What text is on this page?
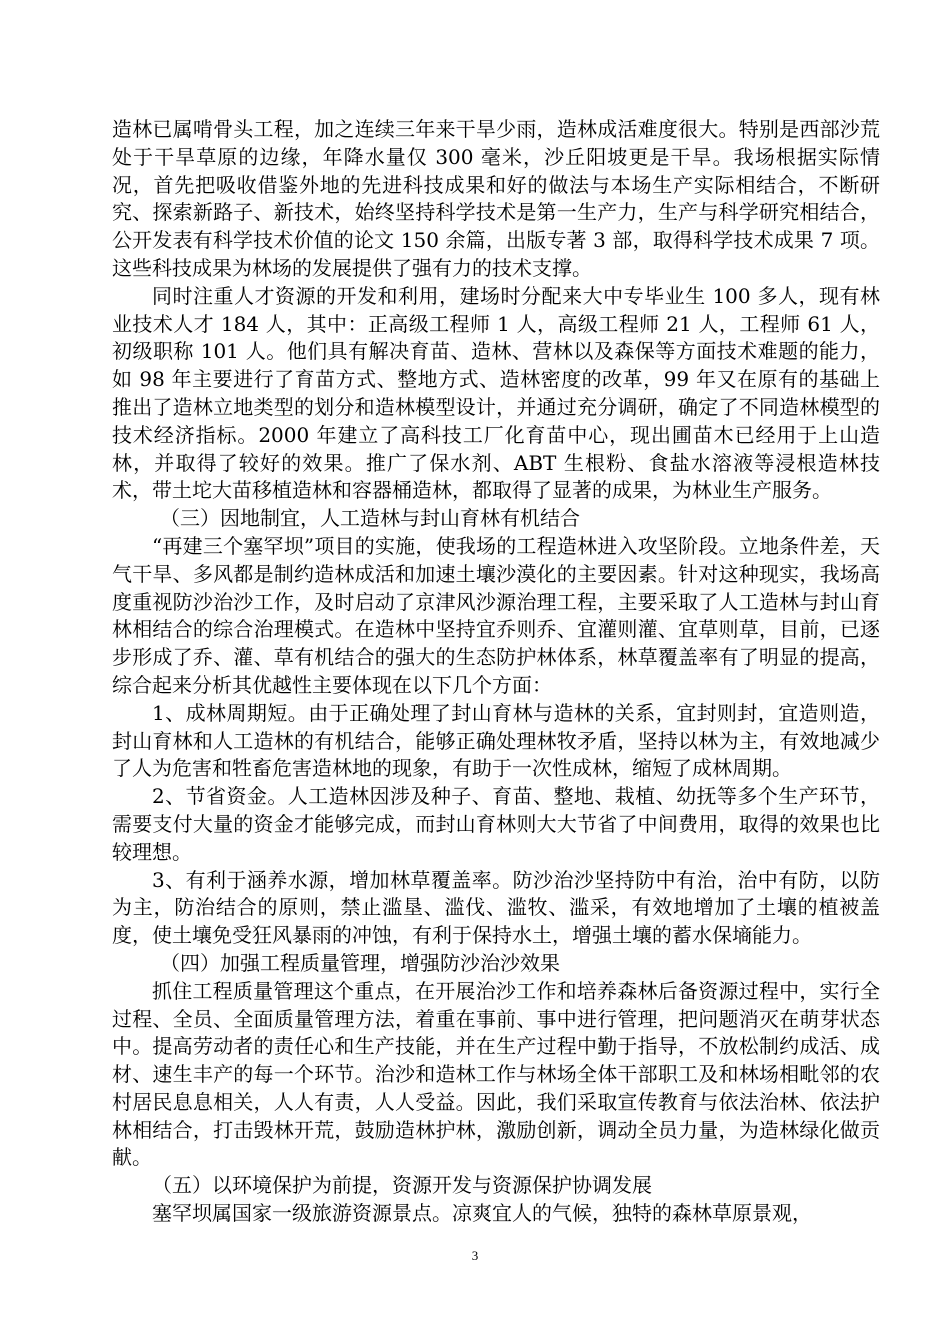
造林已属啃骨头工程，加之连续三年来干旱少雨，造林成活难度很大。特别是西部沙荒处于干旱草原的边缘，年降水量仅 300 毫米，沙丘阳坡更是干旱。我场根据实际情况，首先把吸收借鉴外地的先进科技成果和好的做法与本场生产实际相结合，不断研究、探索新路子、新技术，始终坚持科学技术是第一生产力，生产与科学研究相结合，公开发表有科学技术价值的论文 150 余篇，出版专著 3 部，取得科学技术成果 7 项。这些科技成果为林场的发展提供了强有力的技术支撑。

同时注重人才资源的开发和利用，建场时分配来大中专毕业生 100 多人，现有林业技术人才 184 人，其中：正高级工程师 1 人，高级工程师 21 人，工程师 61 人，初级职称 101 人。他们具有解决育苗、造林、营林以及森保等方面技术难题的能力，如 98 年主要进行了育苗方式、整地方式、造林密度的改革，99 年又在原有的基础上推出了造林立地类型的划分和造林模型设计，并通过充分调研，确定了不同造林模型的技术经济指标。2000 年建立了高科技工厂化育苗中心，现出圃苗木已经用于上山造林，并取得了较好的效果。推广了保水剂、ABT 生根粉、食盐水溶液等浸根造林技术，带土坨大苗移植造林和容器桶造林，都取得了显著的成果，为林业生产服务。

（三）因地制宜，人工造林与封山育林有机结合

“再建三个塞罕坝”项目的实施，使我场的工程造林进入攻坚阶段。立地条件差，天气干旱、多风都是制约造林成活和加速土壤沙漠化的主要因素。针对这种现实，我场高度重视防沙治沙工作，及时启动了京津风沙源治理工程，主要采取了人工造林与封山育林相结合的综合治理模式。在造林中坚持宜乔则乔、宜灌则灌、宜草则草，目前，已逐步形成了乔、灌、草有机结合的强大的生态防护林体系，林草覆盖率有了明显的提高，综合起来分析其优越性主要体现在以下几个方面：

1、成林周期短。由于正确处理了封山育林与造林的关系，宜封则封，宜造则造，封山育林和人工造林的有机结合，能够正确处理林牧矛盾，坚持以林为主，有效地减少了人为危害和牲畜危害造林地的现象，有助于一次性成林，缩短了成林周期。

2、节省资金。人工造林因涉及种子、育苗、整地、栽植、幼抚等多个生产环节，需要支付大量的资金才能够完成，而封山育林则大大节省了中间费用，取得的效果也比较理想。

3、有利于涵养水源，增加林草覆盖率。防沙治沙坚持防中有治，治中有防，以防为主，防治结合的原则，禁止滥垦、滥伐、滥牧、滥采，有效地增加了土壤的植被盖度，使土壤免受狂风暴雨的冲蚀，有利于保持水土，增强土壤的蓄水保墒能力。

（四）加强工程质量管理，增强防沙治沙效果

抓住工程质量管理这个重点，在开展治沙工作和培养森林后备资源过程中，实行全过程、全员、全面质量管理方法，着重在事前、事中进行管理，把问题消灭在萌芽状态中。提高劳动者的责任心和生产技能，并在生产过程中勤于指导，不放松制约成活、成材、速生丰产的每一个环节。治沙和造林工作与林场全体干部职工及和林场相毗邻的农村居民息息相关，人人有责，人人受益。因此，我们采取宣传教育与依法治林、依法护林相结合，打击毁林开荒，鼓励造林护林，激励创新，调动全员力量，为造林绿化做贡献。

（五）以环境保护为前提，资源开发与资源保护协调发展

塞罕坝属国家一级旅游资源景点。凉爽宜人的气候，独特的森林草原景观，

3
